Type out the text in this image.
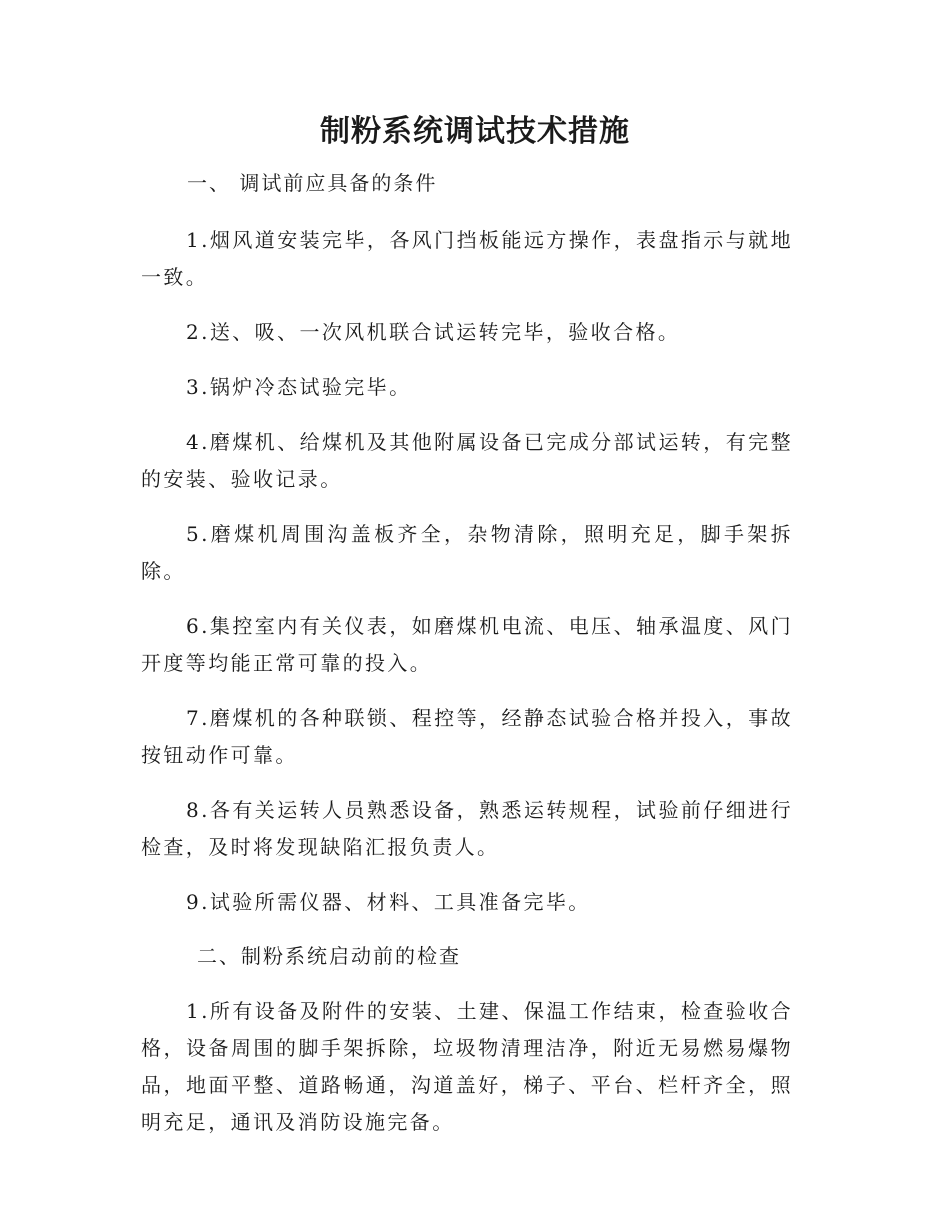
制粉系统调试技术措施
一、 调试前应具备的条件

1.烟风道安装完毕，各风门挡板能远方操作，表盘指示与就地一致。

2.送、吸、一次风机联合试运转完毕，验收合格。

3.锅炉冷态试验完毕。

4.磨煤机、给煤机及其他附属设备已完成分部试运转，有完整的安装、验收记录。

5.磨煤机周围沟盖板齐全，杂物清除，照明充足，脚手架拆除。

6.集控室内有关仪表，如磨煤机电流、电压、轴承温度、风门开度等均能正常可靠的投入。

7.磨煤机的各种联锁、程控等，经静态试验合格并投入，事故按钮动作可靠。

8.各有关运转人员熟悉设备，熟悉运转规程，试验前仔细进行检查，及时将发现缺陷汇报负责人。

9.试验所需仪器、材料、工具准备完毕。

二、制粉系统启动前的检查

1.所有设备及附件的安装、土建、保温工作结束，检查验收合格，设备周围的脚手架拆除，垃圾物清理洁净，附近无易燃易爆物品，地面平整、道路畅通，沟道盖好，梯子、平台、栏杆齐全，照明充足，通讯及消防设施完备。
